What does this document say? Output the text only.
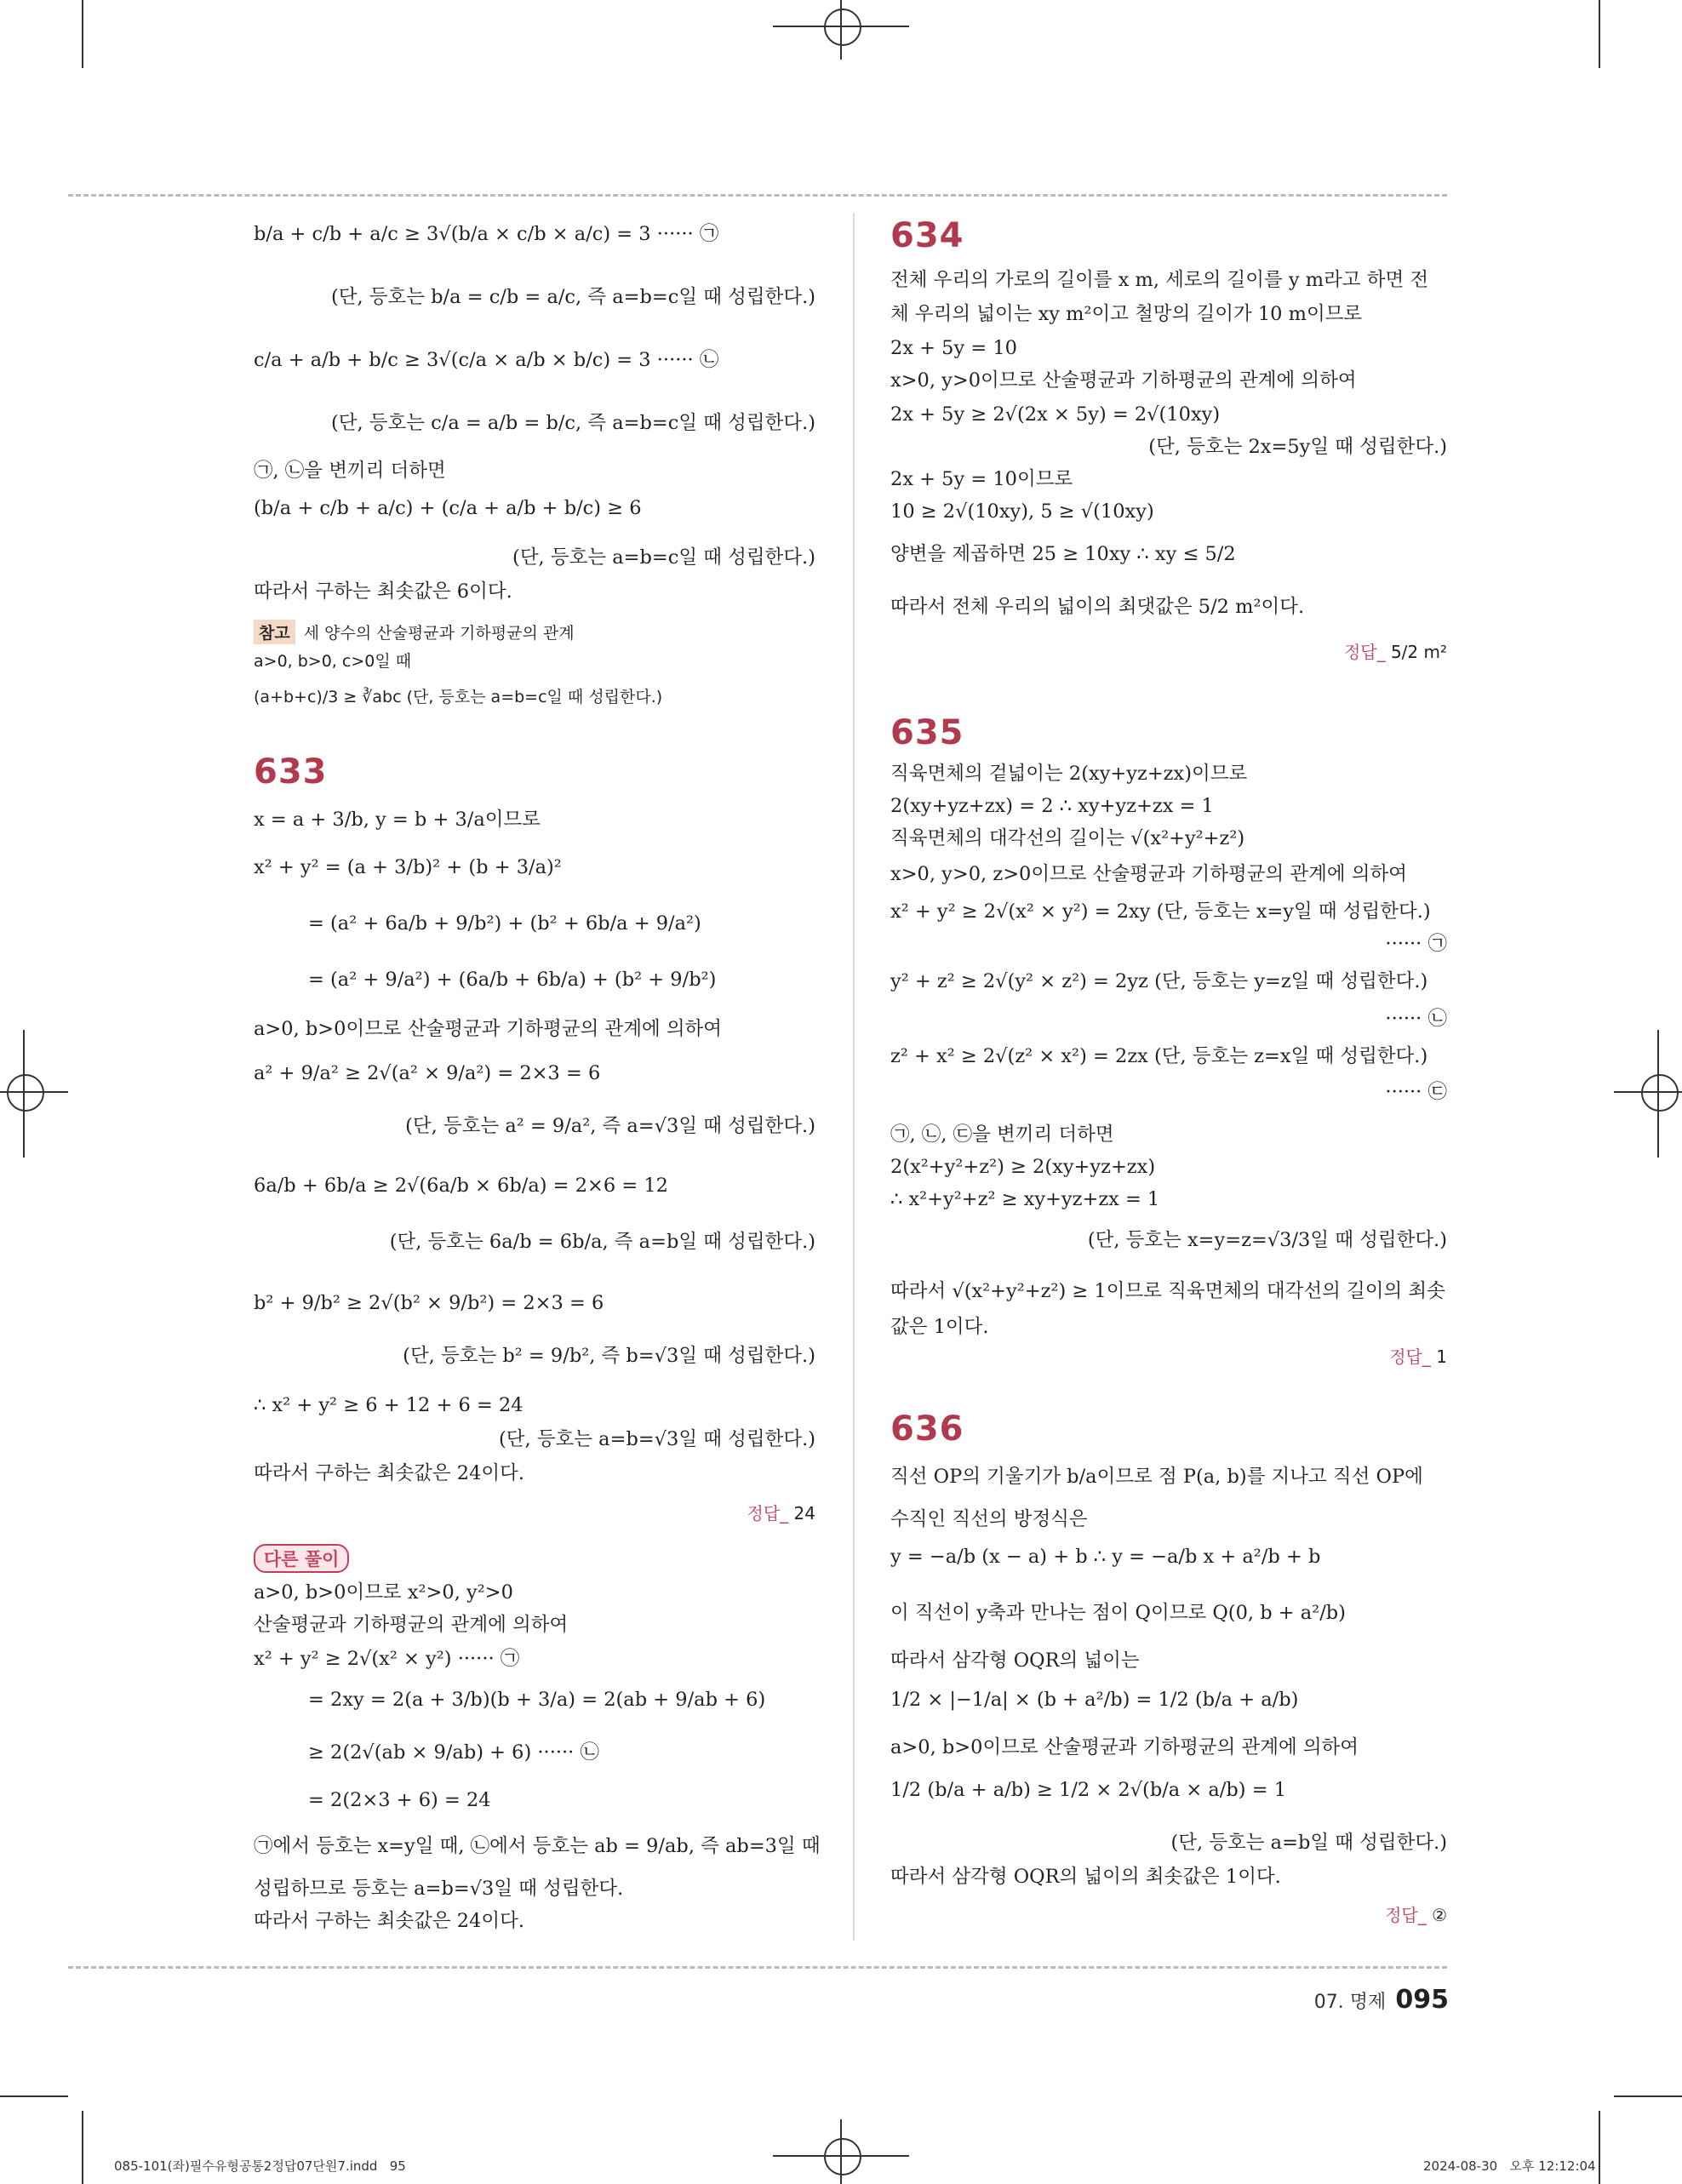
b/a + c/b + a/c ≥ 3√(b/a × c/b × a/c) = 3 ······ ㉠

(단, 등호는 b/a = c/b = a/c, 즉 a=b=c일 때 성립한다.)

c/a + a/b + b/c ≥ 3√(c/a × a/b × b/c) = 3 ······ ㉡

(단, 등호는 c/a = a/b = b/c, 즉 a=b=c일 때 성립한다.)

㉠, ㉡을 변끼리 더하면

(b/a + c/b + a/c) + (c/a + a/b + b/c) ≥ 6

(단, 등호는 a=b=c일 때 성립한다.)

따라서 구하는 최솟값은 6이다.

참고 세 양수의 산술평균과 기하평균의 관계

a>0, b>0, c>0일 때

(a+b+c)/3 ≥ ∛abc (단, 등호는 a=b=c일 때 성립한다.)

633

x = a + 3/b, y = b + 3/a이므로

x² + y² = (a + 3/b)² + (b + 3/a)²

= (a² + 6a/b + 9/b²) + (b² + 6b/a + 9/a²)

= (a² + 9/a²) + (6a/b + 6b/a) + (b² + 9/b²)

a>0, b>0이므로 산술평균과 기하평균의 관계에 의하여

a² + 9/a² ≥ 2√(a² × 9/a²) = 2×3 = 6

(단, 등호는 a² = 9/a², 즉 a=√3일 때 성립한다.)

6a/b + 6b/a ≥ 2√(6a/b × 6b/a) = 2×6 = 12

(단, 등호는 6a/b = 6b/a, 즉 a=b일 때 성립한다.)

b² + 9/b² ≥ 2√(b² × 9/b²) = 2×3 = 6

(단, 등호는 b² = 9/b², 즉 b=√3일 때 성립한다.)

∴ x² + y² ≥ 6 + 12 + 6 = 24

(단, 등호는 a=b=√3일 때 성립한다.)

따라서 구하는 최솟값은 24이다.

정답_ 24
다른 풀이

a>0, b>0이므로 x²>0, y²>0

산술평균과 기하평균의 관계에 의하여

x² + y² ≥ 2√(x² × y²) ······ ㉠

= 2xy = 2(a + 3/b)(b + 3/a) = 2(ab + 9/ab + 6)

≥ 2(2√(ab × 9/ab) + 6) ······ ㉡

= 2(2×3 + 6) = 24

㉠에서 등호는 x=y일 때, ㉡에서 등호는 ab = 9/ab, 즉 ab=3일 때

성립하므로 등호는 a=b=√3일 때 성립한다.

따라서 구하는 최솟값은 24이다.

634

전체 우리의 가로의 길이를 x m, 세로의 길이를 y m라고 하면 전

체 우리의 넓이는 xy m²이고 철망의 길이가 10 m이므로

2x + 5y = 10

x>0, y>0이므로 산술평균과 기하평균의 관계에 의하여

2x + 5y ≥ 2√(2x × 5y) = 2√(10xy)

(단, 등호는 2x=5y일 때 성립한다.)

2x + 5y = 10이므로

10 ≥ 2√(10xy), 5 ≥ √(10xy)

양변을 제곱하면 25 ≥ 10xy ∴ xy ≤ 5/2

따라서 전체 우리의 넓이의 최댓값은 5/2 m²이다.

정답_ 5/2 m²
635

직육면체의 겉넓이는 2(xy+yz+zx)이므로

2(xy+yz+zx) = 2 ∴ xy+yz+zx = 1

직육면체의 대각선의 길이는 √(x²+y²+z²)

x>0, y>0, z>0이므로 산술평균과 기하평균의 관계에 의하여

x² + y² ≥ 2√(x² × y²) = 2xy (단, 등호는 x=y일 때 성립한다.)

······ ㉠

y² + z² ≥ 2√(y² × z²) = 2yz (단, 등호는 y=z일 때 성립한다.)

······ ㉡

z² + x² ≥ 2√(z² × x²) = 2zx (단, 등호는 z=x일 때 성립한다.)

······ ㉢

㉠, ㉡, ㉢을 변끼리 더하면

2(x²+y²+z²) ≥ 2(xy+yz+zx)

∴ x²+y²+z² ≥ xy+yz+zx = 1

(단, 등호는 x=y=z=√3/3일 때 성립한다.)

따라서 √(x²+y²+z²) ≥ 1이므로 직육면체의 대각선의 길이의 최솟

값은 1이다.

정답_ 1
636

직선 OP의 기울기가 b/a이므로 점 P(a, b)를 지나고 직선 OP에

수직인 직선의 방정식은

y = −a/b (x − a) + b ∴ y = −a/b x + a²/b + b

이 직선이 y축과 만나는 점이 Q이므로 Q(0, b + a²/b)

따라서 삼각형 OQR의 넓이는

1/2 × |−1/a| × (b + a²/b) = 1/2 (b/a + a/b)

a>0, b>0이므로 산술평균과 기하평균의 관계에 의하여

1/2 (b/a + a/b) ≥ 1/2 × 2√(b/a × a/b) = 1

(단, 등호는 a=b일 때 성립한다.)

따라서 삼각형 OQR의 넓이의 최솟값은 1이다.

정답_ ②
07. 명제 095
085-101(좌)필수유형공통2정답07단원7.indd   95	2024-08-30   오후 12:12:04
